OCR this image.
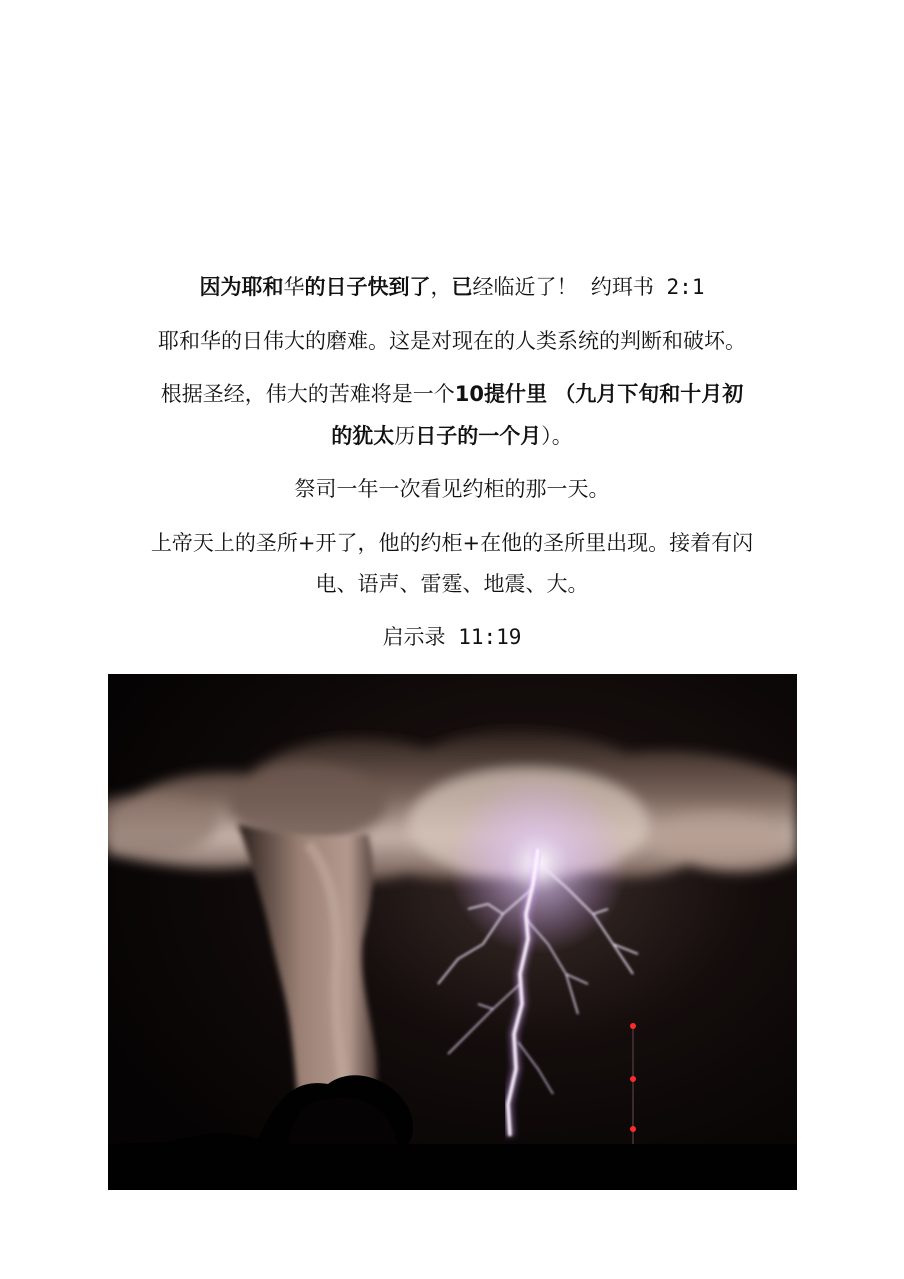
因为耶和华的日子快到了，已经临近了！ 约珥书 2:1
耶和华的日伟大的磨难。这是对现在的人类系统的判断和破坏。
根据圣经，伟大的苦难将是一个10提什里 （九月下旬和十月初
的犹太历日子的一个月）。
祭司一年一次看见约柜的那一天。
上帝天上的圣所+开了，他的约柜+在他的圣所里出现。接着有闪
电、语声、雷霆、地震、大。
启示录 11:19
